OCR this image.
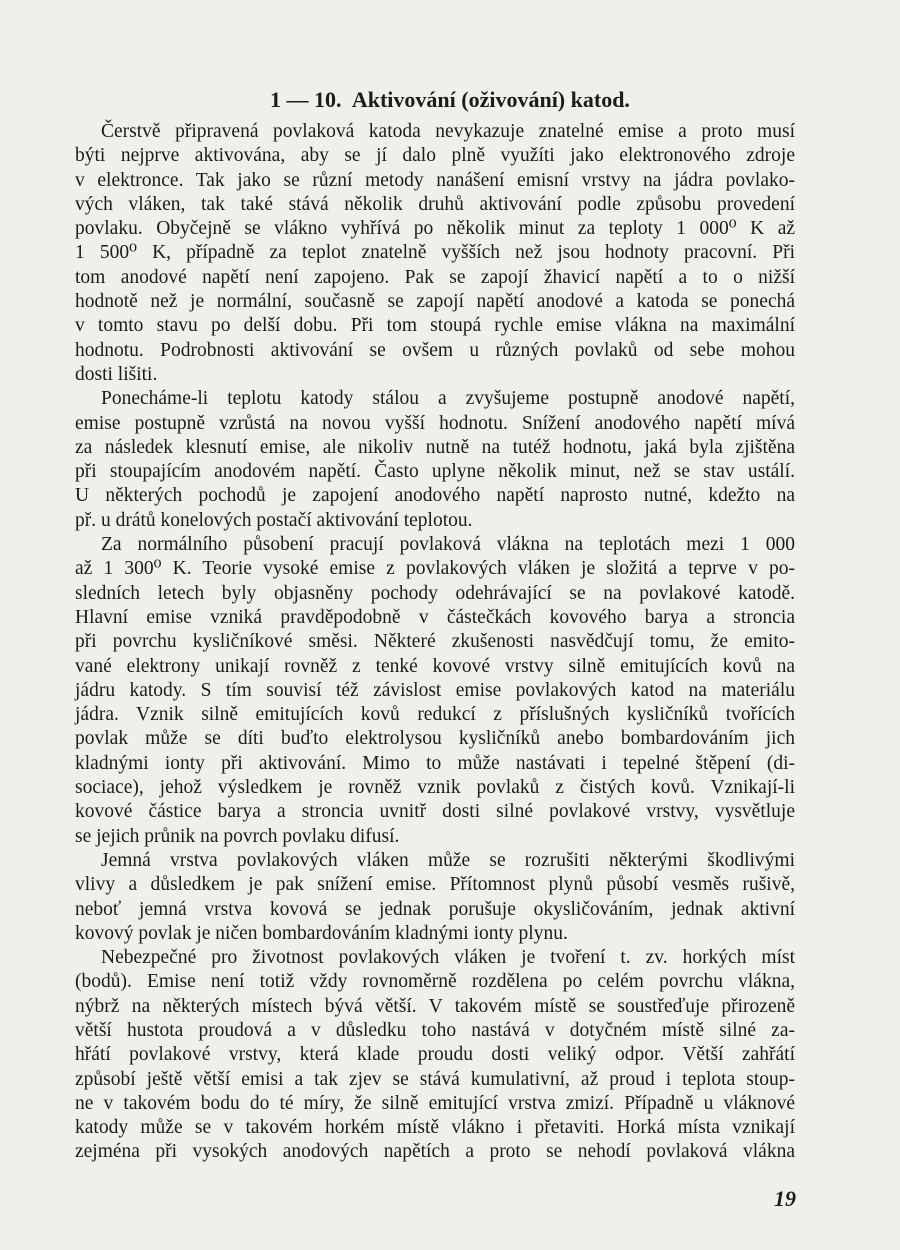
1 — 10. Aktivování (oživování) katod.
Čerstvě připravená povlaková katoda nevykazuje znatelné emise a proto musí
býti nejprve aktivována, aby se jí dalo plně využíti jako elektronového zdroje
v elektronce. Tak jako se různí metody nanášení emisní vrstvy na jádra povlako-
vých vláken, tak také stává několik druhů aktivování podle způsobu provedení
povlaku. Obyčejně se vlákno vyhřívá po několik minut za teploty 1 000⁰ K až
1 500⁰ K, případně za teplot znatelně vyšších než jsou hodnoty pracovní. Při
tom anodové napětí není zapojeno. Pak se zapojí žhavicí napětí a to o nižší
hodnotě než je normální, současně se zapojí napětí anodové a katoda se ponechá
v tomto stavu po delší dobu. Při tom stoupá rychle emise vlákna na maximální
hodnotu. Podrobnosti aktivování se ovšem u různých povlaků od sebe mohou
dosti lišiti.
Ponecháme-li teplotu katody stálou a zvyšujeme postupně anodové napětí,
emise postupně vzrůstá na novou vyšší hodnotu. Snížení anodového napětí mívá
za následek klesnutí emise, ale nikoliv nutně na tutéž hodnotu, jaká byla zjištěna
při stoupajícím anodovém napětí. Často uplyne několik minut, než se stav ustálí.
U některých pochodů je zapojení anodového napětí naprosto nutné, kdežto na
př. u drátů konelových postačí aktivování teplotou.
Za normálního působení pracují povlaková vlákna na teplotách mezi 1 000
až 1 300⁰ K. Teorie vysoké emise z povlakových vláken je složitá a teprve v po-
sledních letech byly objasněny pochody odehrávající se na povlakové katodě.
Hlavní emise vzniká pravděpodobně v částečkách kovového barya a stroncia
při povrchu kysličníkové směsi. Některé zkušenosti nasvědčují tomu, že emito-
vané elektrony unikají rovněž z tenké kovové vrstvy silně emitujících kovů na
jádru katody. S tím souvisí též závislost emise povlakových katod na materiálu
jádra. Vznik silně emitujících kovů redukcí z příslušných kysličníků tvořících
povlak může se díti buďto elektrolysou kysličníků anebo bombardováním jich
kladnými ionty při aktivování. Mimo to může nastávati i tepelné štěpení (di-
sociace), jehož výsledkem je rovněž vznik povlaků z čistých kovů. Vznikají-li
kovové částice barya a stroncia uvnitř dosti silné povlakové vrstvy, vysvětluje
se jejich průnik na povrch povlaku difusí.
Jemná vrstva povlakových vláken může se rozrušiti některými škodlivými
vlivy a důsledkem je pak snížení emise. Přítomnost plynů působí vesměs rušivě,
neboť jemná vrstva kovová se jednak porušuje okysličováním, jednak aktivní
kovový povlak je ničen bombardováním kladnými ionty plynu.
Nebezpečné pro životnost povlakových vláken je tvoření t. zv. horkých míst
(bodů). Emise není totiž vždy rovnoměrně rozdělena po celém povrchu vlákna,
nýbrž na některých místech bývá větší. V takovém místě se soustřeďuje přirozeně
větší hustota proudová a v důsledku toho nastává v dotyčném místě silné za-
hřátí povlakové vrstvy, která klade proudu dosti veliký odpor. Větší zahřátí
způsobí ještě větší emisi a tak zjev se stává kumulativní, až proud i teplota stoup-
ne v takovém bodu do té míry, že silně emitující vrstva zmizí. Případně u vláknové
katody může se v takovém horkém místě vlákno i přetaviti. Horká místa vznikají
zejména při vysokých anodových napětích a proto se nehodí povlaková vlákna
19
